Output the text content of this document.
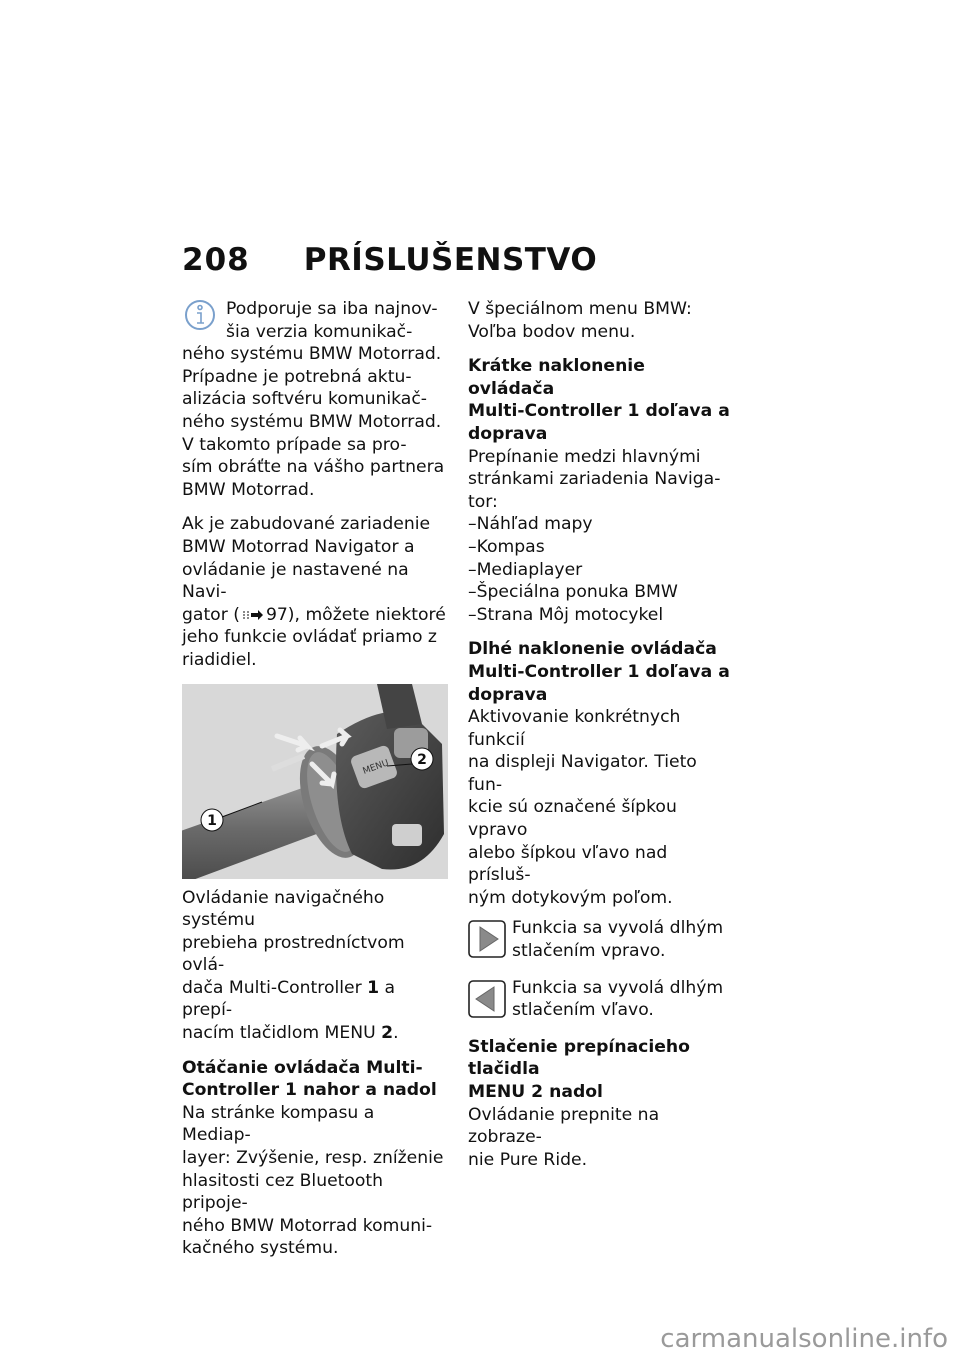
208 PRÍSLUŠENSTVO
Podporuje sa iba najnov-
šia verzia komunikač-
ného systému BMW Motorrad.
Prípadne je potrebná aktu-
alizácia softvéru komunikač-
ného systému BMW Motorrad.
V takomto prípade sa pro-
sím obráťte na vášho partnera
BMW Motorrad.

Ak je zabudované zariadenie
BMW Motorrad Navigator a
ovládanie je nastavené na Navi-
gator ( 97), môžete niektoré
jeho funkcie ovládať priamo z
riadidiel.

MENU 2
1

Ovládanie navigačného systému
prebieha prostredníctvom ovlá-
dača Multi-Controller 1 a prepí-
nacím tlačidlom MENU 2.

Otáčanie ovládača Multi-
Controller 1 nahor a nadol

Na stránke kompasu a Mediap-
layer: Zvýšenie, resp. zníženie
hlasitosti cez Bluetooth pripoje-
ného BMW Motorrad komuni-
kačného systému.

V špeciálnom menu BMW:
Voľba bodov menu.

Krátke naklonenie ovládača
Multi-Controller 1 doľava a
doprava
Prepínanie medzi hlavnými
stránkami zariadenia Naviga-
tor:
– Náhľad mapy
– Kompas
– Mediaplayer
– Špeciálna ponuka BMW
– Strana Môj motocykel
Dlhé naklonenie ovládača
Multi-Controller 1 doľava a
doprava
Aktivovanie konkrétnych funkcií
na displeji Navigator. Tieto fun-
kcie sú označené šípkou vpravo
alebo šípkou vľavo nad prísluš-
ným dotykovým poľom.
Funkcia sa vyvolá dlhým
stlačením vpravo.
Funkcia sa vyvolá dlhým
stlačením vľavo.
Stlačenie prepínacieho tlačidla
MENU 2 nadol
Ovládanie prepnite na zobraze-
nie Pure Ride.
carmanualsonline.info
